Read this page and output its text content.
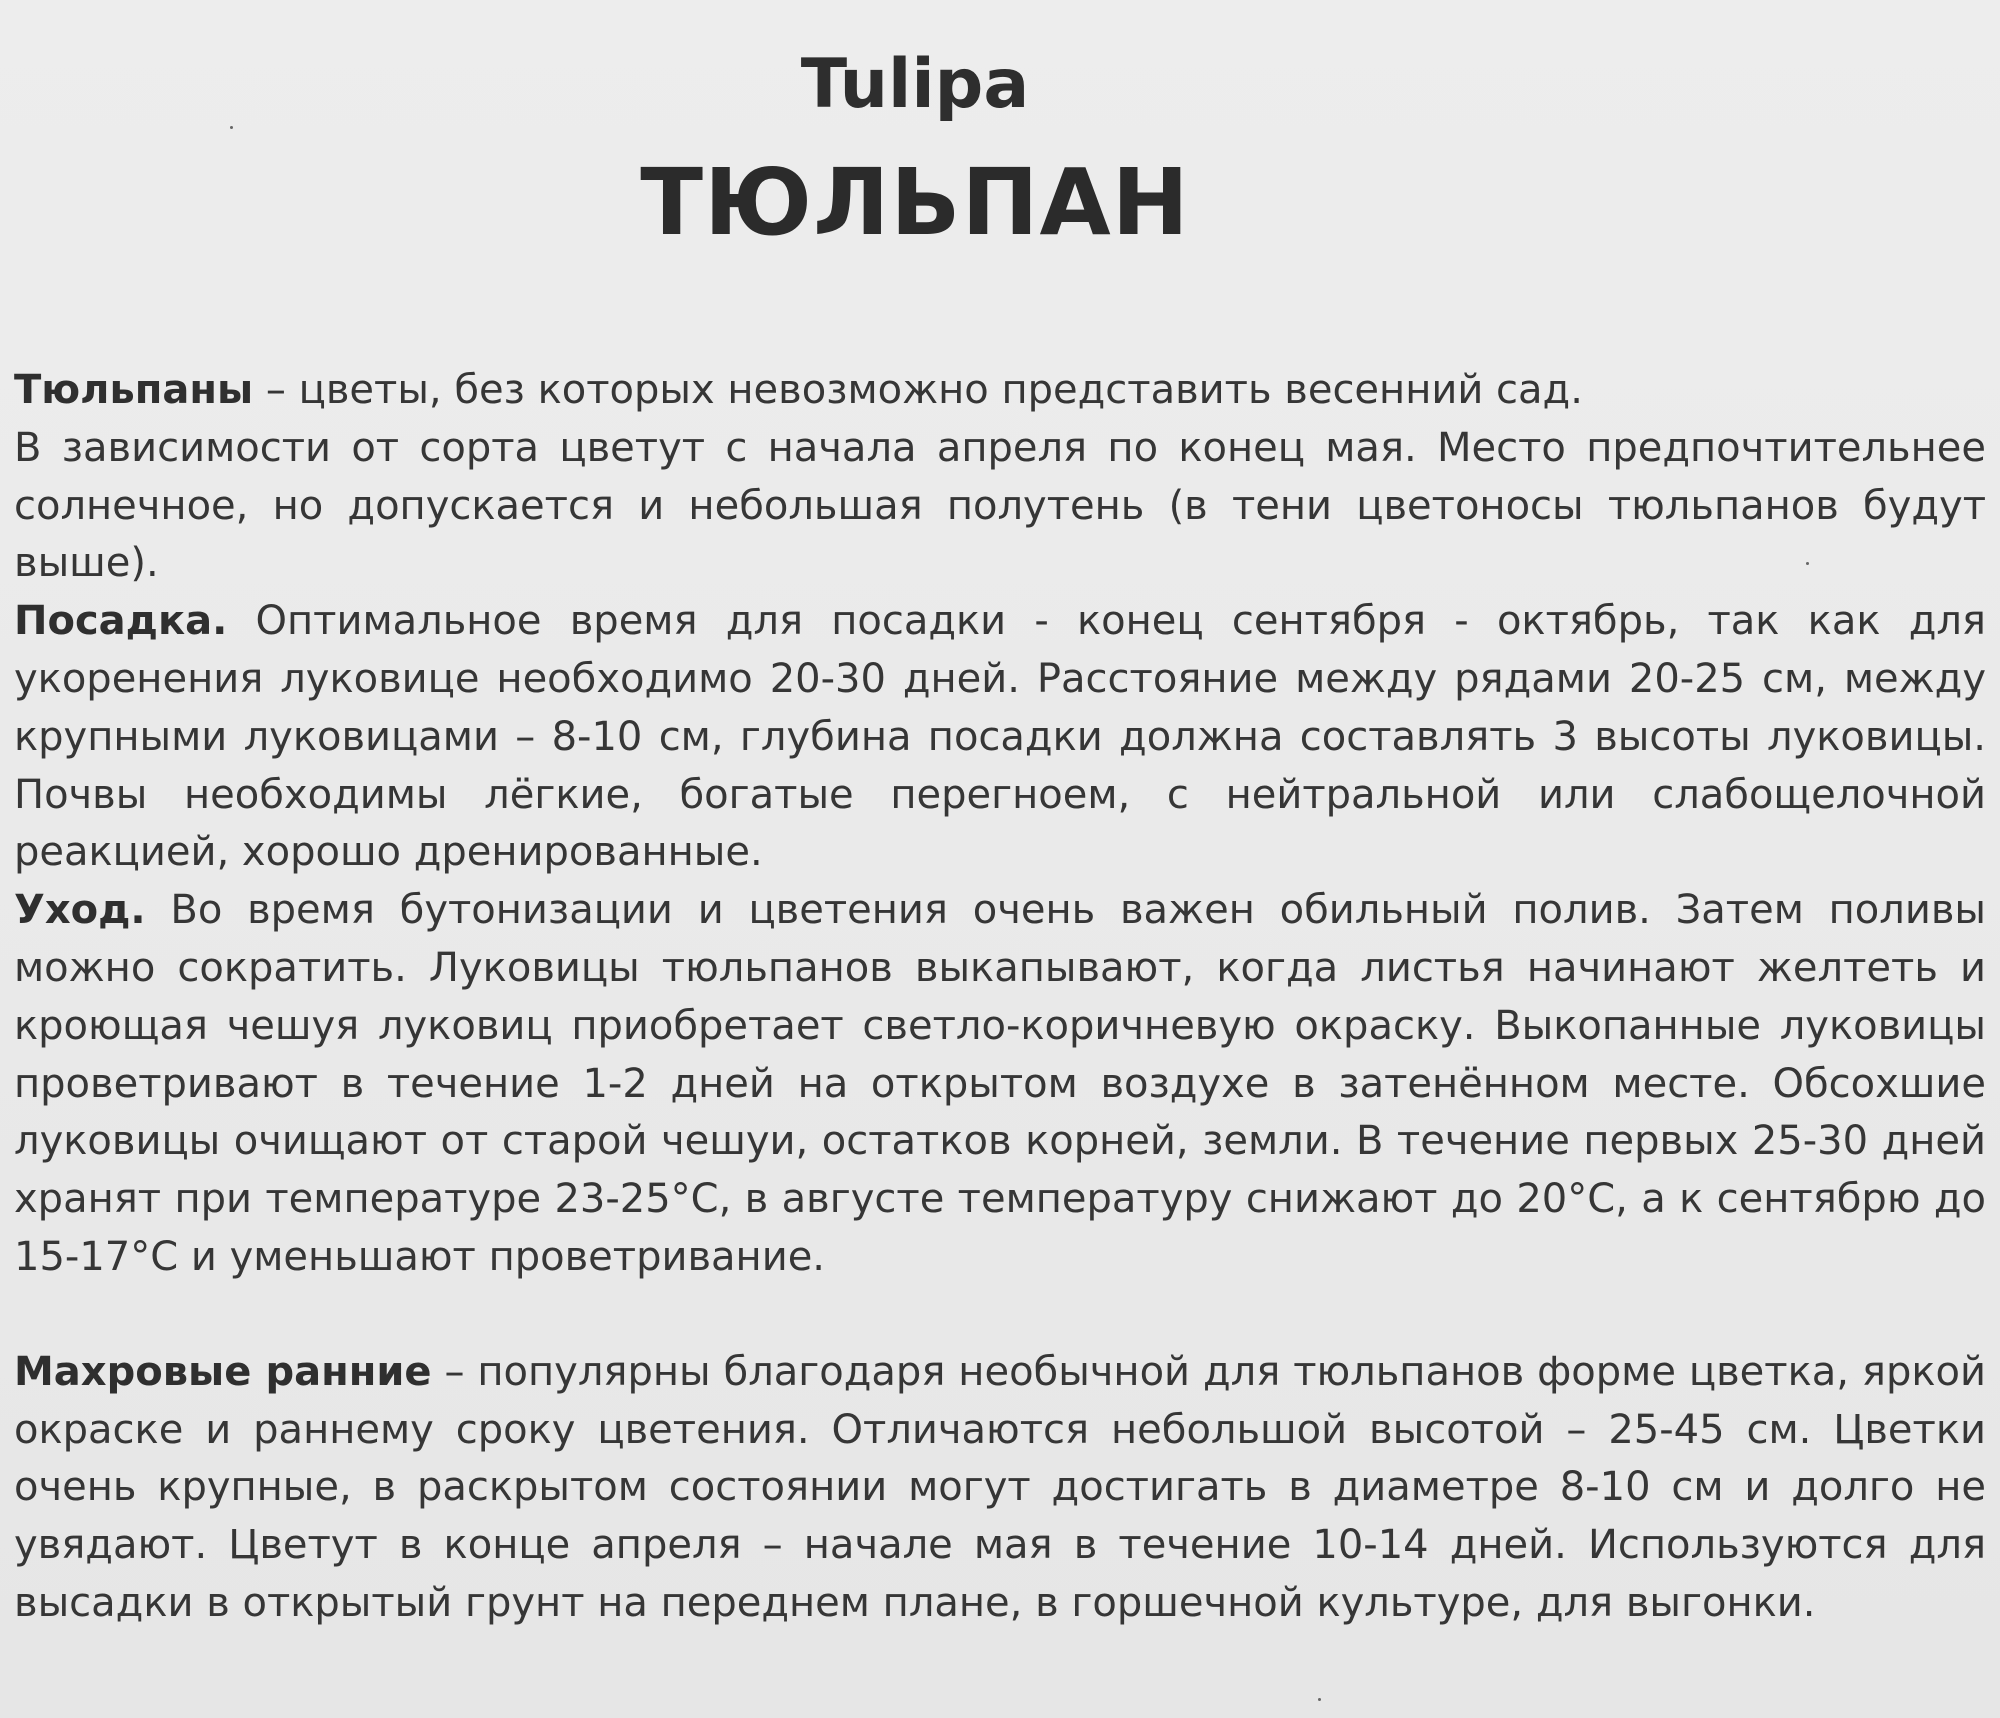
Tulipa
ТЮЛЬПАН

Тюльпаны – цветы, без которых невозможно представить весенний сад.

В зависимости от сорта цветут с начала апреля по конец мая. Место предпочтительнее солнечное, но допускается и небольшая полутень (в тени цветоносы тюльпанов будут выше).

Посадка. Оптимальное время для посадки - конец сентября - октябрь, так как для укоренения луковице необходимо 20-30 дней. Расстояние между рядами 20-25 см, между крупными луковицами – 8-10 см, глубина посадки должна составлять 3 высоты луковицы. Почвы необходимы лёгкие, богатые перегноем, с нейтральной или слабощелочной реакцией, хорошо дренированные.

Уход. Во время бутонизации и цветения очень важен обильный полив. Затем поливы можно сократить. Луковицы тюльпанов выкапывают, когда листья начинают желтеть и кроющая чешуя луковиц приобретает светло-коричневую окраску. Выкопанные луковицы проветривают в течение 1-2 дней на открытом воздухе в затенённом месте. Обсохшие луковицы очищают от старой чешуи, остатков корней, земли. В течение первых 25-30 дней хранят при температуре 23-25°С, в августе температуру снижают до 20°С, а к сентябрю до 15-17°С и уменьшают проветривание.

Махровые ранние – популярны благодаря необычной для тюльпанов форме цветка, яркой окраске и раннему сроку цветения. Отличаются небольшой высотой – 25-45 см. Цветки очень крупные, в раскрытом состоянии могут достигать в диаметре 8-10 см и долго не увядают. Цветут в конце апреля – начале мая в течение 10-14 дней. Используются для высадки в открытый грунт на переднем плане, в горшечной культуре, для выгонки.
